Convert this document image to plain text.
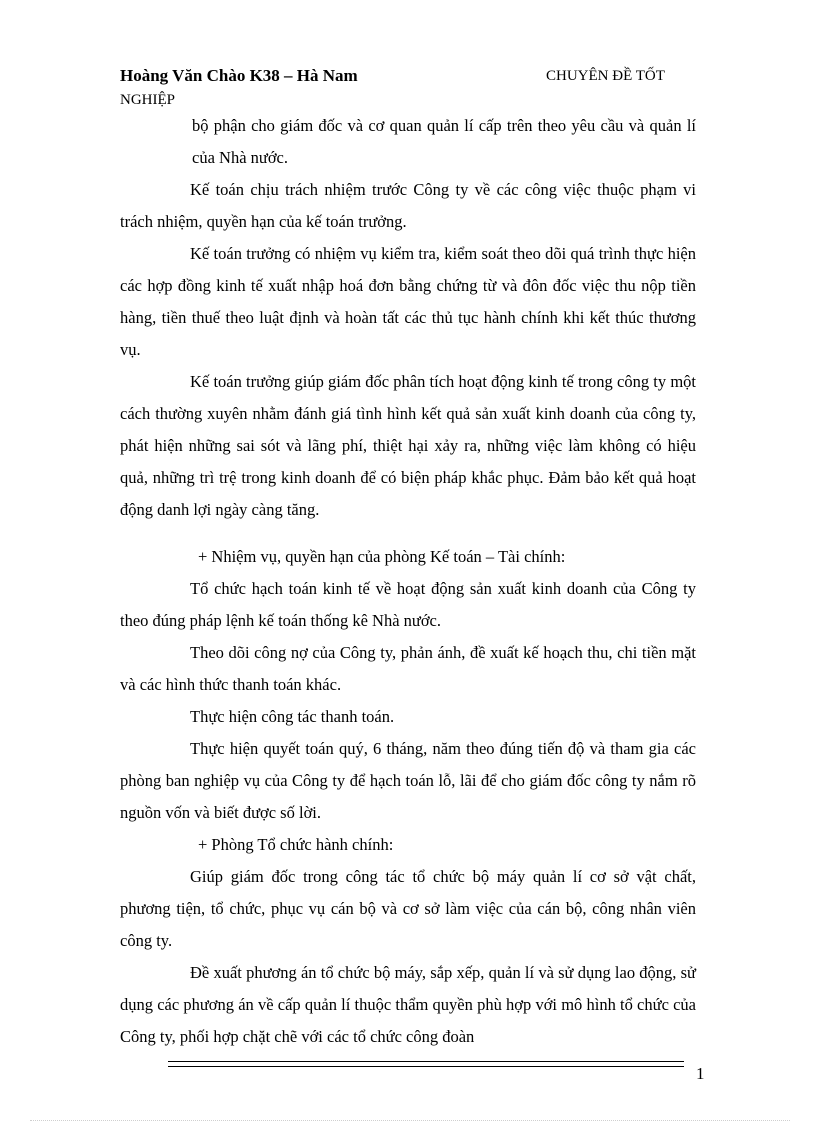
Hoàng Văn Chào K38 – Hà Nam	CHUYÊN ĐỀ TỐT
NGHIỆP

bộ phận cho giám đốc và cơ quan quản lí cấp trên theo yêu cầu và quản lí của Nhà nước.

Kế toán chịu trách nhiệm trước Công ty về các công việc thuộc phạm vi trách nhiệm, quyền hạn của kế toán trưởng.

Kế toán trưởng có nhiệm vụ kiểm tra, kiểm soát theo dõi quá trình thực hiện các hợp đồng kinh tế xuất nhập hoá đơn bằng chứng từ và đôn đốc việc thu nộp tiền hàng, tiền thuế theo luật định và hoàn tất các thủ tục hành chính khi kết thúc thương vụ.

Kế toán trưởng giúp giám đốc phân tích hoạt động kinh tế trong công ty một cách thường xuyên nhằm đánh giá tình hình kết quả sản xuất kinh doanh của công ty, phát hiện những sai sót và lãng phí, thiệt hại xảy ra, những việc làm không có hiệu quả, những trì trệ trong kinh doanh để có biện pháp khắc phục. Đảm bảo kết quả hoạt động danh lợi ngày càng tăng.

+ Nhiệm vụ, quyền hạn của phòng Kế toán – Tài chính:

Tổ chức hạch toán kinh tế về hoạt động sản xuất kinh doanh của Công ty theo đúng pháp lệnh kế toán thống kê Nhà nước.

Theo dõi công nợ của Công ty, phản ánh, đề xuất kế hoạch thu, chi tiền mặt và các hình thức thanh toán khác.

Thực hiện công tác thanh toán.

Thực hiện quyết toán quý, 6 tháng, năm theo đúng tiến độ và tham gia các phòng ban nghiệp vụ của Công ty để hạch toán lỗ, lãi để cho giám đốc công ty nắm rõ nguồn vốn và biết được số lời.

+ Phòng Tổ chức hành chính:

Giúp giám đốc trong công tác tổ chức bộ máy quản lí cơ sở vật chất, phương tiện, tổ chức, phục vụ cán bộ và cơ sở làm việc của cán bộ, công nhân viên công ty.

Đề xuất phương án tổ chức bộ máy, sắp xếp, quản lí và sử dụng lao động, sử dụng các phương án về cấp quản lí thuộc thẩm quyền phù hợp với mô hình tổ chức của Công ty, phối hợp chặt chẽ với các tổ chức công đoàn

1
